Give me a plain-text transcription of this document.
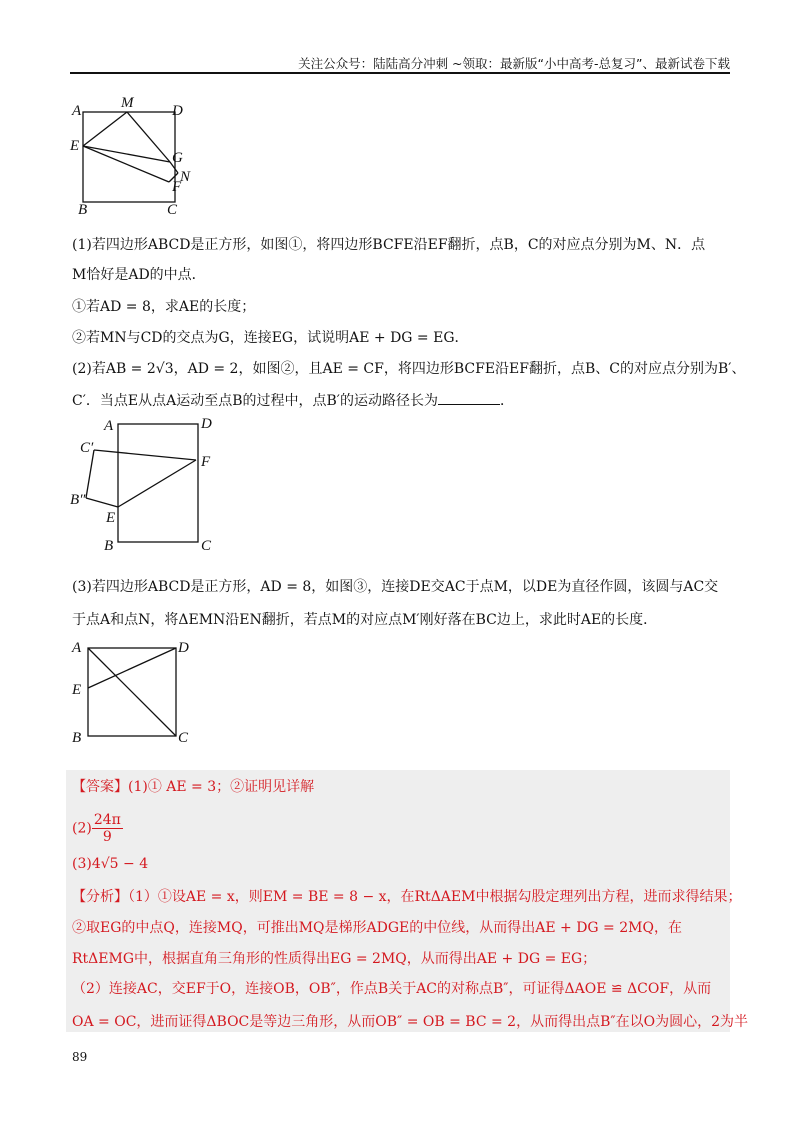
关注公众号：陆陆高分冲刺 ~领取：最新版“小中高考-总复习”、最新试卷下载
A	M	D
E
G
N
F
B	C
(1)若四边形ABCD是正方形，如图①，将四边形BCFE沿EF翻折，点B，C的对应点分别为M、N．点
M恰好是AD的中点．
①若AD = 8，求AE的长度；
②若MN与CD的交点为G，连接EG，试说明AE + DG = EG．
(2)若AB = 2√3，AD = 2，如图②，且AE = CF，将四边形BCFE沿EF翻折，点B、C的对应点分别为B′、
C′．当点E从点A运动至点B的过程中，点B′的运动路径长为	．
A	D
C′
F
B″
E
B	C
(3)若四边形ABCD是正方形，AD = 8，如图③，连接DE交AC于点M，以DE为直径作圆，该圆与AC交
于点A和点N，将ΔEMN沿EN翻折，若点M的对应点M′刚好落在BC边上，求此时AE的长度．
A	D
E
B	C
【答案】(1)① AE = 3；②证明见详解
$(2) \frac{24\pi}{9}$
(3)4√5 − 4
【分析】（1）①设AE = x，则EM = BE = 8 − x，在RtΔAEM中根据勾股定理列出方程，进而求得结果；
②取EG的中点Q，连接MQ，可推出MQ是梯形ADGE的中位线，从而得出AE + DG = 2MQ，在
RtΔEMG中，根据直角三角形的性质得出EG = 2MQ，从而得出AE + DG = EG；
（2）连接AC，交EF于O，连接OB，OB″，作点B关于AC的对称点B″，可证得ΔAOE ≌ ΔCOF，从而
OA = OC，进而证得ΔBOC是等边三角形，从而OB″ = OB = BC = 2，从而得出点B″在以O为圆心，2为半
89
